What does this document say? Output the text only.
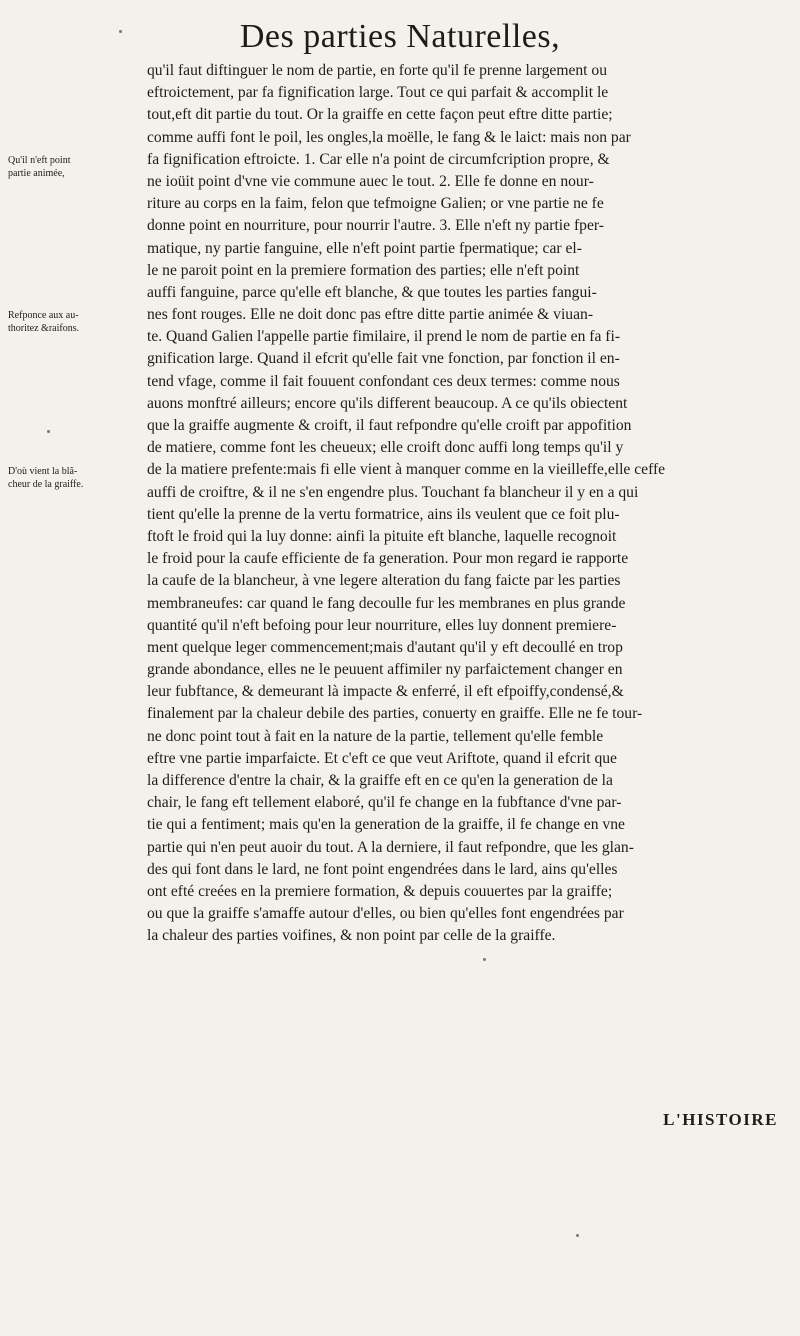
Des parties Naturelles,
qu'il faut diftinguer le nom de partie, en forte qu'il fe prenne largement ou
eftroictement, par fa fignification large. Tout ce qui parfait & accomplit le
tout,eft dit partie du tout. Or la graiffe en cette façon peut eftre ditte partie;
comme auffi font le poil, les ongles,la moëlle, le fang & le laict: mais non par
fa fignification eftroicte. 1. Car elle n'a point de circumfcription propre, &
ne ioüit point d'vne vie commune auec le tout. 2. Elle fe donne en nour-
riture au corps en la faim, felon que tefmoigne Galien; or vne partie ne fe
donne point en nourriture, pour nourrir l'autre. 3. Elle n'eft ny partie fper-
matique, ny partie fanguine, elle n'eft point partie fpermatique; car el-
le ne paroit point en la premiere formation des parties; elle n'eft point
auffi fanguine, parce qu'elle eft blanche, & que toutes les parties fangui-
nes font rouges. Elle ne doit donc pas eftre ditte partie animée & viuan-
te. Quand Galien l'appelle partie fimilaire, il prend le nom de partie en fa fi-
gnification large. Quand il efcrit qu'elle fait vne fonction, par fonction il en-
tend vfage, comme il fait fouuent confondant ces deux termes: comme nous
auons monftré ailleurs; encore qu'ils different beaucoup. A ce qu'ils obiectent
que la graiffe augmente & croift, il faut refpondre qu'elle croift par appofition
de matiere, comme font les cheueux; elle croift donc auffi long temps qu'il y
de la matiere prefente:mais fi elle vient à manquer comme en la vieilleffe,elle ceffe
auffi de croiftre, & il ne s'en engendre plus. Touchant fa blancheur il y en a qui
tient qu'elle la prenne de la vertu formatrice, ains ils veulent que ce foit plu-
ftoft le froid qui la luy donne: ainfi la pituite eft blanche, laquelle recognoit
le froid pour la caufe efficiente de fa generation. Pour mon regard ie rapporte
la caufe de la blancheur, à vne legere alteration du fang faicte par les parties
membraneufes: car quand le fang decoulle fur les membranes en plus grande
quantité qu'il n'eft befoing pour leur nourriture, elles luy donnent premiere-
ment quelque leger commencement;mais d'autant qu'il y eft decoullé en trop
grande abondance, elles ne le peuuent affimiler ny parfaictement changer en
leur fubftance, & demeurant là impacte & enferré, il eft efpoiffy,condensé,&
finalement par la chaleur debile des parties, conuerty en graiffe. Elle ne fe tour-
ne donc point tout à fait en la nature de la partie, tellement qu'elle femble
eftre vne partie imparfaicte. Et c'eft ce que veut Ariftote, quand il efcrit que
la difference d'entre la chair, & la graiffe eft en ce qu'en la generation de la
chair, le fang eft tellement elaboré, qu'il fe change en la fubftance d'vne par-
tie qui a fentiment; mais qu'en la generation de la graiffe, il fe change en vne
partie qui n'en peut auoir du tout. A la derniere, il faut refpondre, que les glan-
des qui font dans le lard, ne font point engendrées dans le lard, ains qu'elles
ont efté creées en la premiere formation, & depuis couuertes par la graiffe;
ou que la graiffe s'amaffe autour d'elles, ou bien qu'elles font engendrées par
la chaleur des parties voifines, & non point par celle de la graiffe.
Qu'il n'eft point
partie animée,
Refponce aux au-
thoritez &raifons.
D'où vient la blã-
cheur de la graiffe.
L'HISTOIRE
